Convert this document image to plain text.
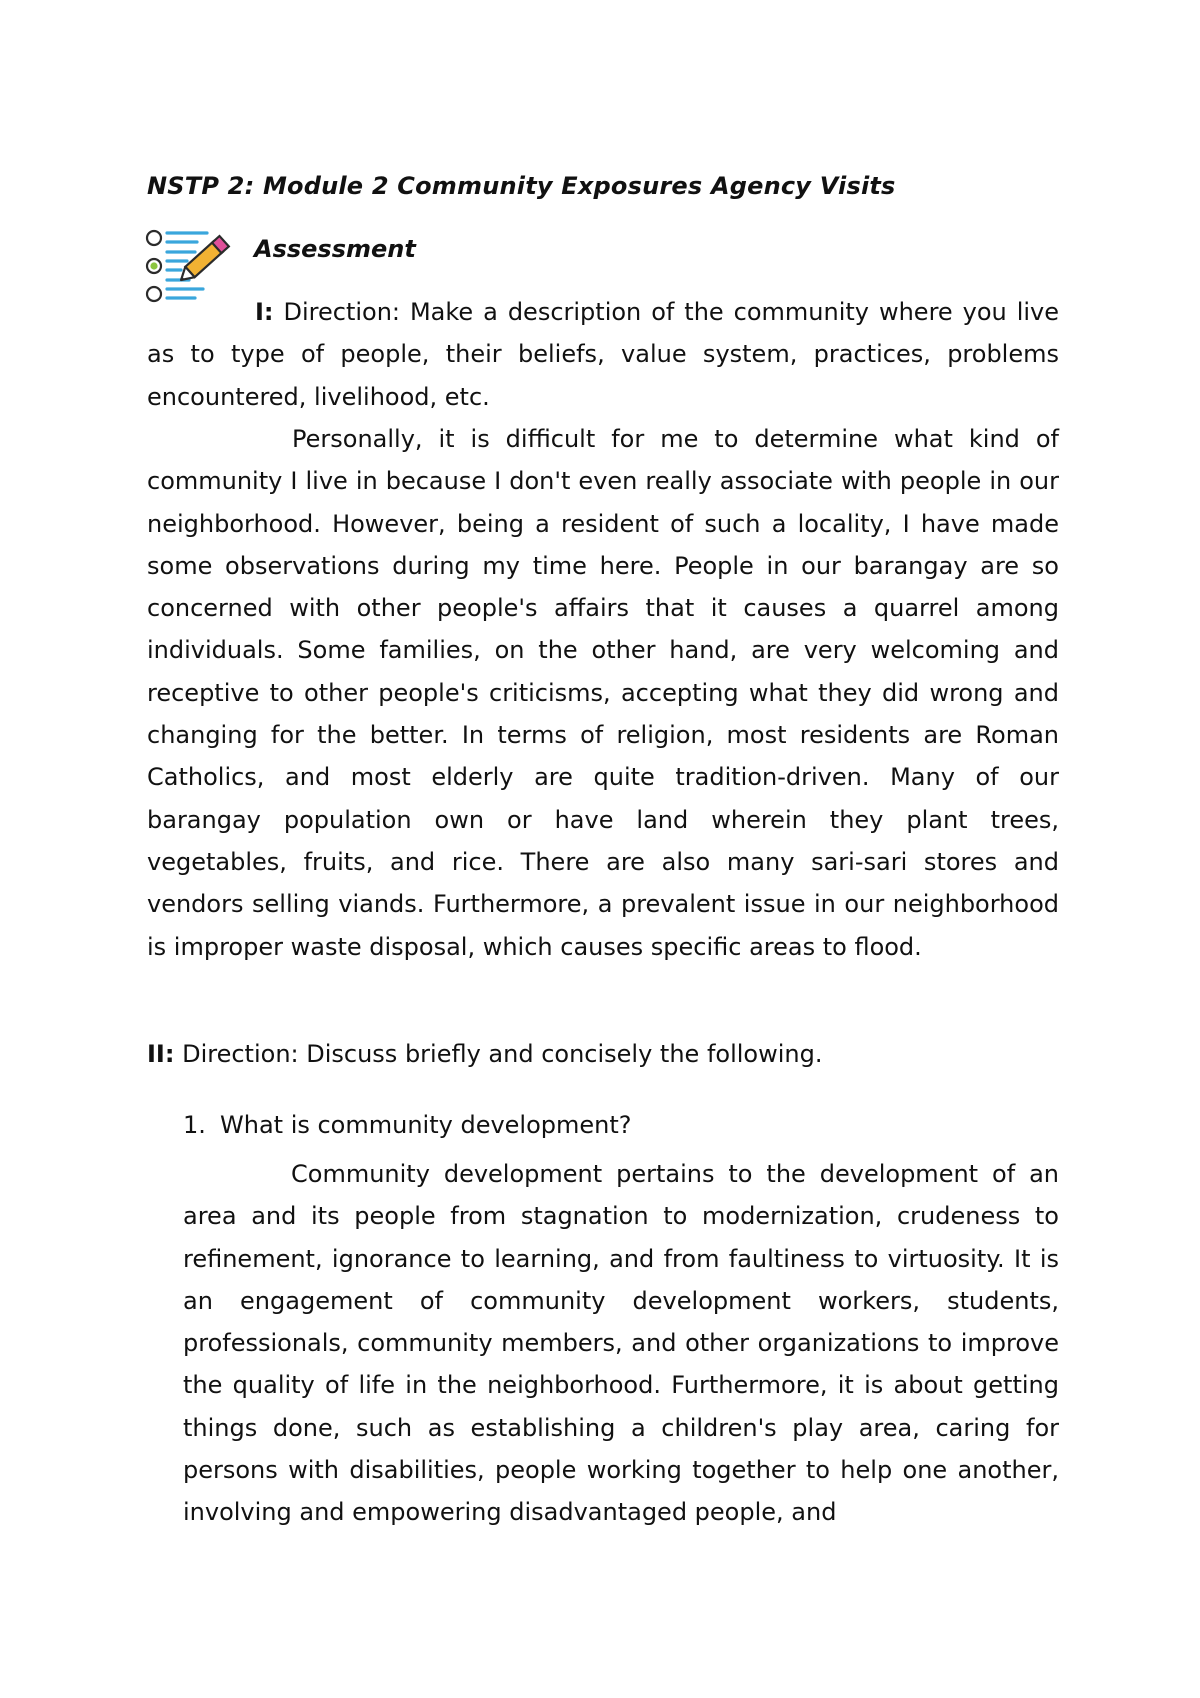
NSTP 2: Module 2 Community Exposures Agency Visits
Assessment

I: Direction: Make a description of the community where you live as to type of people, their beliefs, value system, practices, problems encountered, livelihood, etc.

Personally, it is difficult for me to determine what kind of community I live in because I don't even really associate with people in our neighborhood. However, being a resident of such a locality, I have made some observations during my time here. People in our barangay are so concerned with other people's affairs that it causes a quarrel among individuals. Some families, on the other hand, are very welcoming and receptive to other people's criticisms, accepting what they did wrong and changing for the better. In terms of religion, most residents are Roman Catholics, and most elderly are quite tradition-driven. Many of our barangay population own or have land wherein they plant trees, vegetables, fruits, and rice. There are also many sari-sari stores and vendors selling viands. Furthermore, a prevalent issue in our neighborhood is improper waste disposal, which causes specific areas to flood.

II: Direction: Discuss briefly and concisely the following.

1. What is community development?

Community development pertains to the development of an area and its people from stagnation to modernization, crudeness to refinement, ignorance to learning, and from faultiness to virtuosity. It is an engagement of community development workers, students, professionals, community members, and other organizations to improve the quality of life in the neighborhood. Furthermore, it is about getting things done, such as establishing a children's play area, caring for persons with disabilities, people working together to help one another, involving and empowering disadvantaged people, and
